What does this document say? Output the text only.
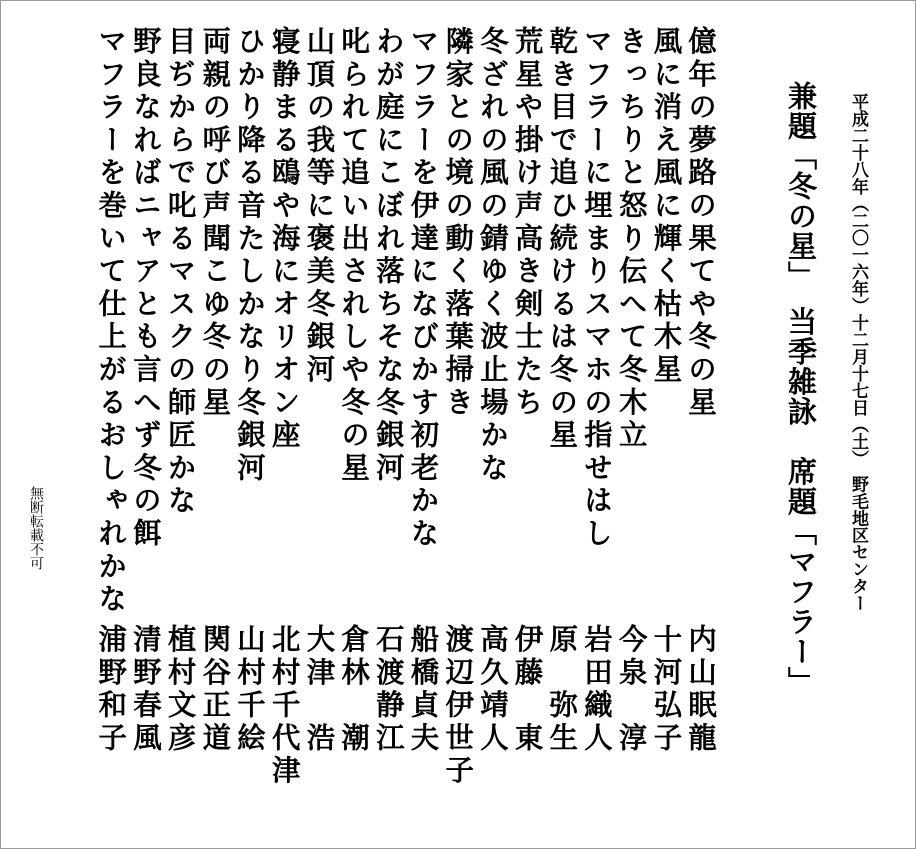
平成二十八年（二〇一六年）十二月十七日（土）　野毛地区センター
兼題「冬の星」　当季雑詠　席題「マフラー」
億年の夢路の果てや冬の星
内山眠龍
風に消え風に輝く枯木星
十河弘子
きっちりと怒り伝へて冬木立
今泉　淳
マフラーに埋まりスマホの指せはし
岩田織人
乾き目で追ひ続けるは冬の星
原　弥生
荒星や掛け声高き剣士たち
伊藤　東
冬ざれの風の錆ゆく波止場かな
高久靖人
隣家との境の動く落葉掃き
渡辺伊世子
マフラーを伊達になびかす初老かな
船橋貞夫
わが庭にこぼれ落ちそな冬銀河
石渡静江
叱られて追い出されしや冬の星
倉林　潮
山頂の我等に褒美冬銀河
大津　浩
寝静まる鴎や海にオリオン座
北村千代津
ひかり降る音たしかなり冬銀河
山村千絵
両親の呼び声聞こゆ冬の星
関谷正道
目ぢからで叱るマスクの師匠かな
植村文彦
野良なればニャアとも言へず冬の餌
清野春風
マフラーを巻いて仕上がるおしゃれかな
浦野和子
無断転載不可
